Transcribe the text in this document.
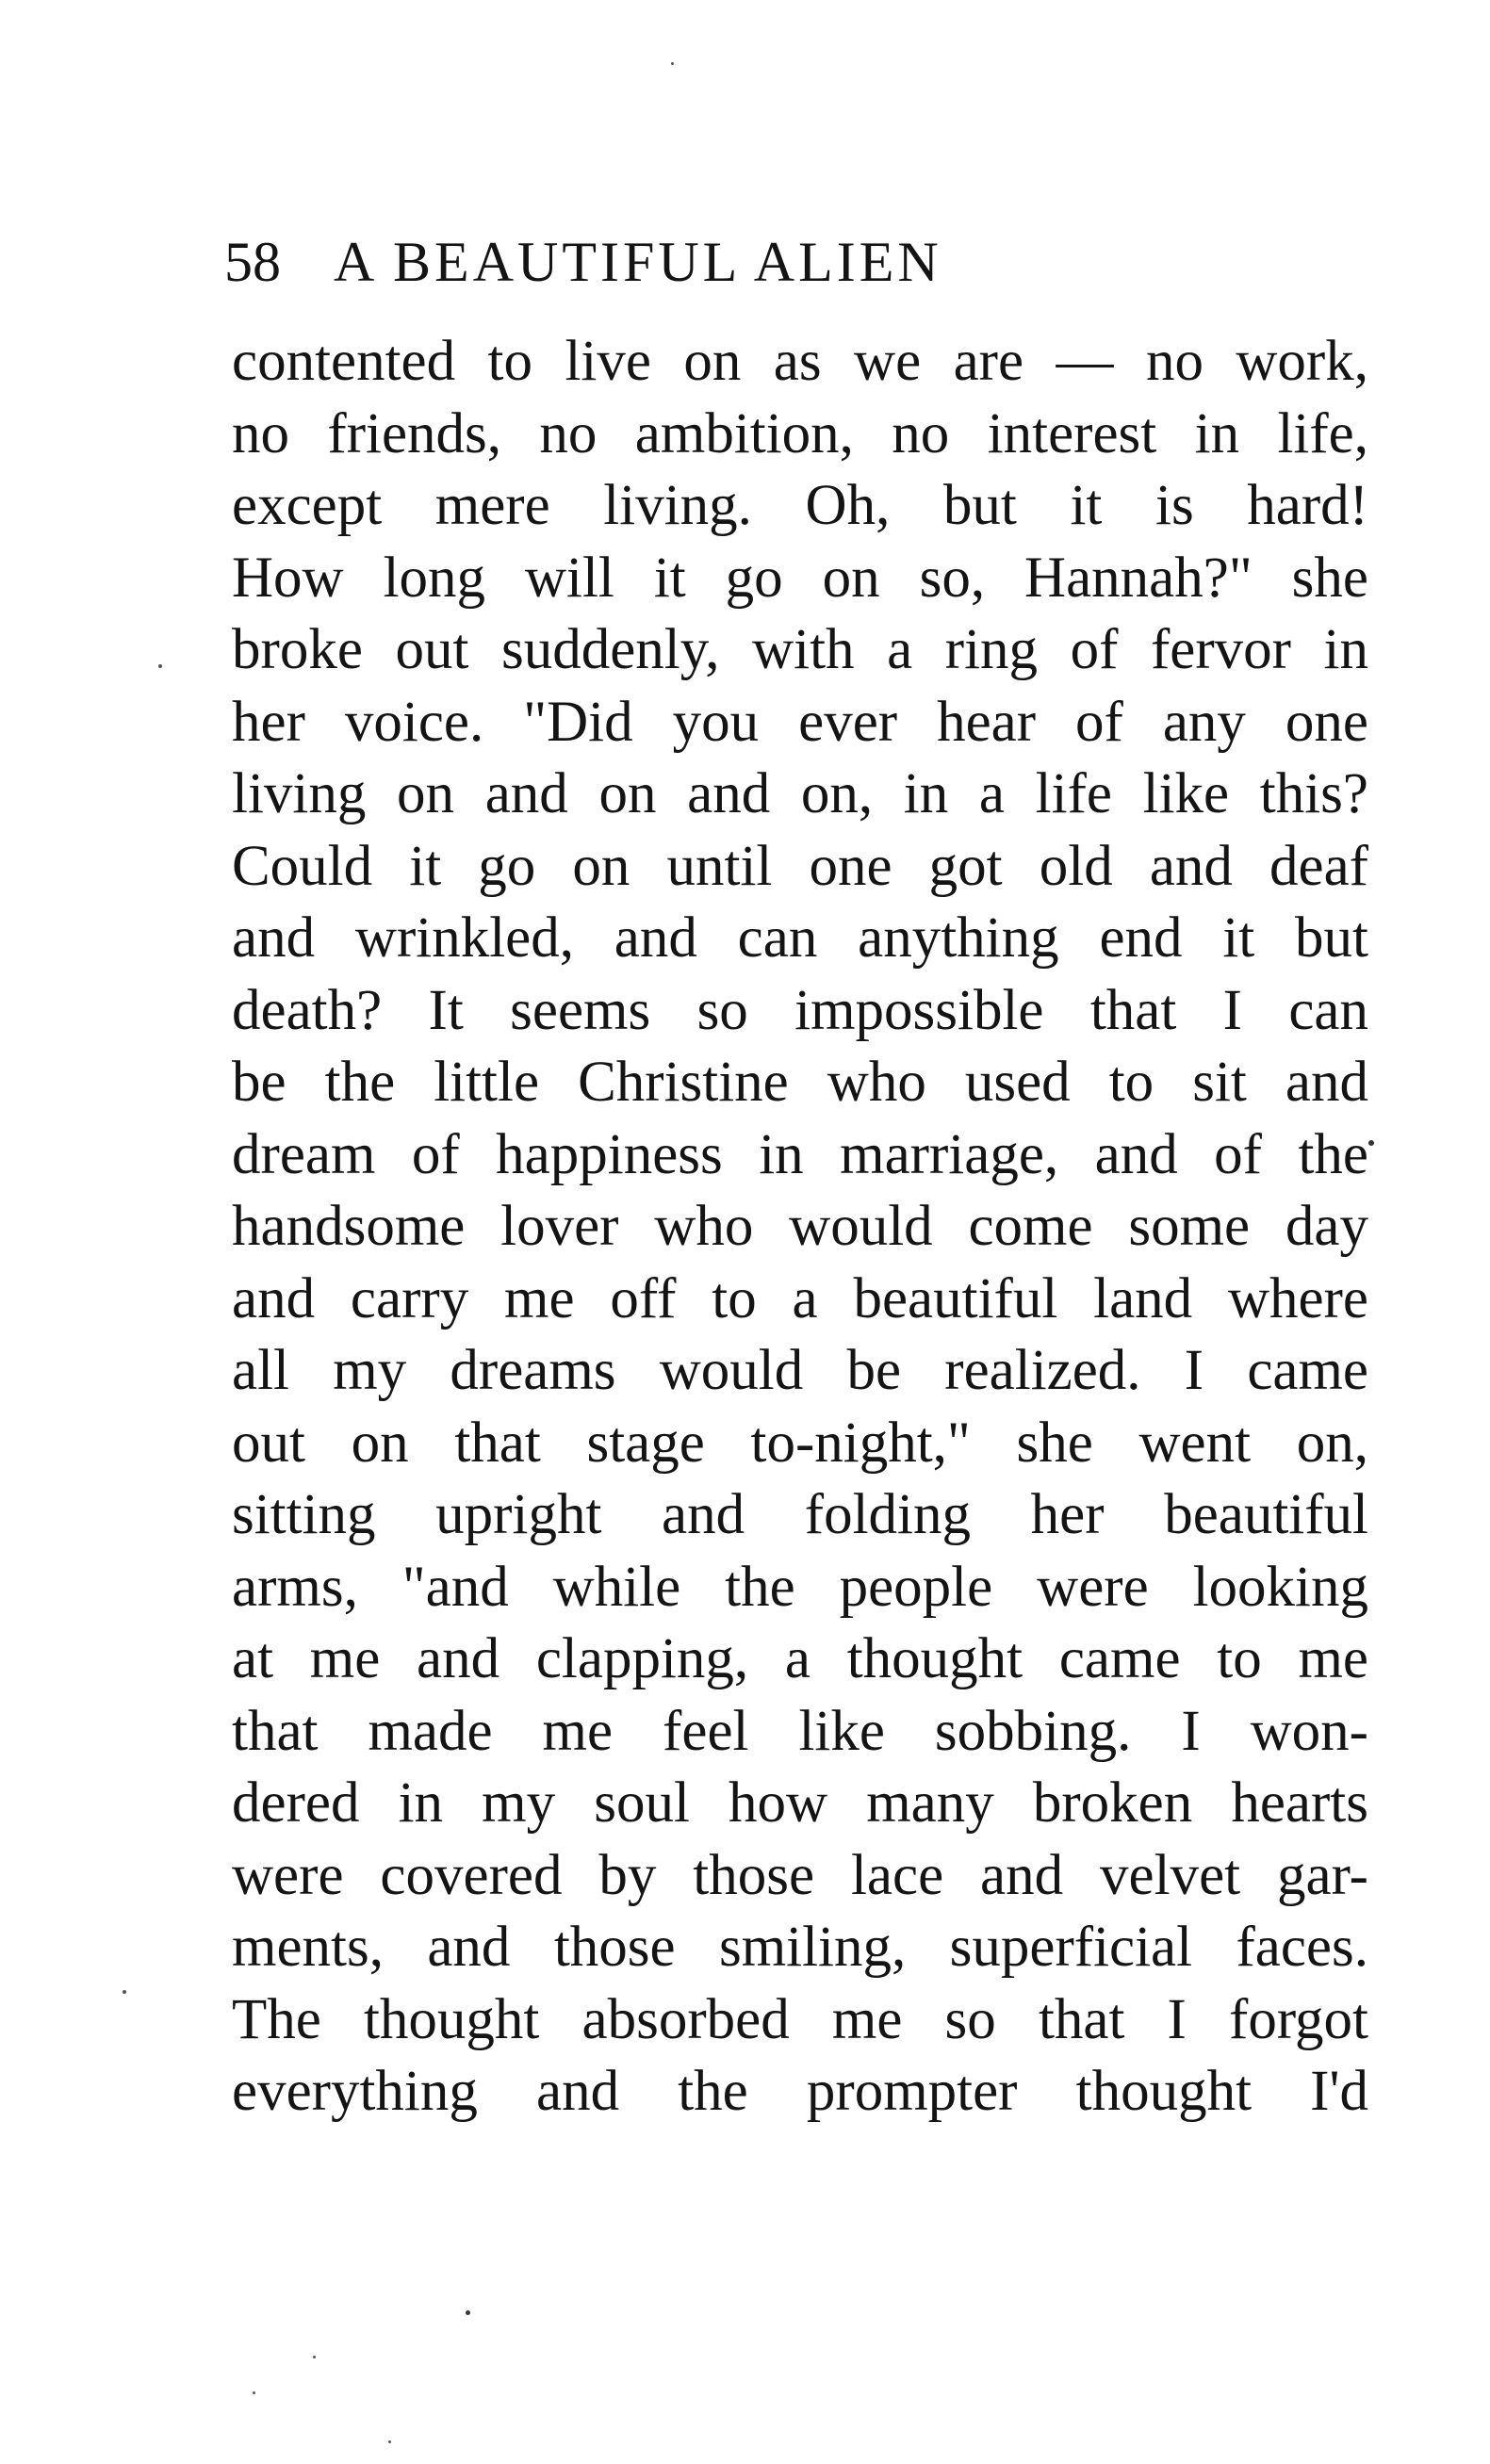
58 A BEAUTIFUL ALIEN
contented to live on as we are — no work,
no friends, no ambition, no interest in life,
except mere living. Oh, but it is hard!
How long will it go on so, Hannah?" she
broke out suddenly, with a ring of fervor in
her voice. "Did you ever hear of any one
living on and on and on, in a life like this?
Could it go on until one got old and deaf
and wrinkled, and can anything end it but
death? It seems so impossible that I can
be the little Christine who used to sit and
dream of happiness in marriage, and of the
handsome lover who would come some day
and carry me off to a beautiful land where
all my dreams would be realized. I came
out on that stage to-night," she went on,
sitting upright and folding her beautiful
arms, "and while the people were looking
at me and clapping, a thought came to me
that made me feel like sobbing. I won-
dered in my soul how many broken hearts
were covered by those lace and velvet gar-
ments, and those smiling, superficial faces.
The thought absorbed me so that I forgot
everything and the prompter thought I'd
